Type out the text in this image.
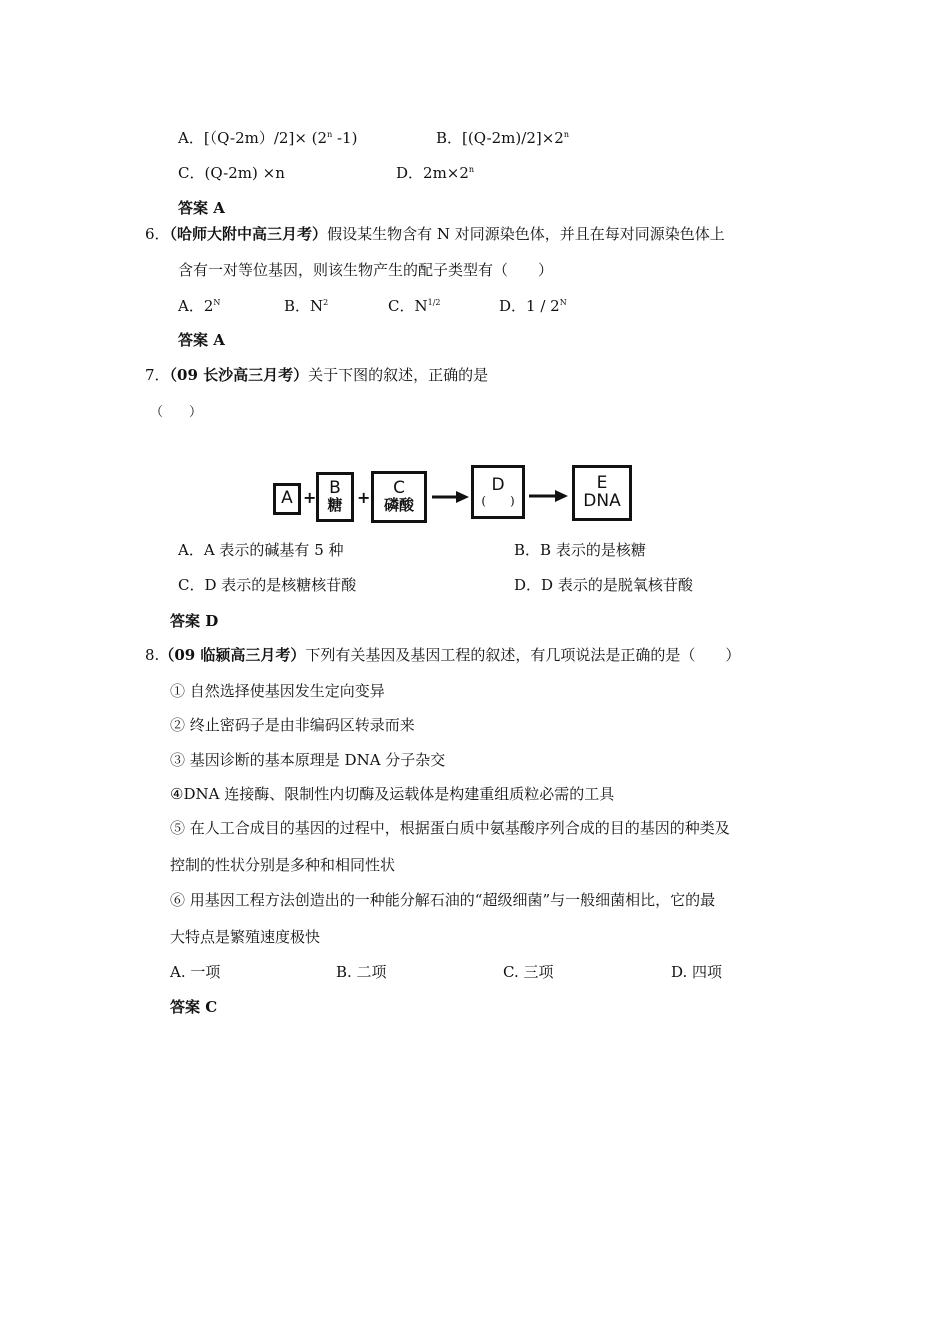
A．$[(Q-2m)/2]\times (2^n$ -1)	B．$[(Q-2m)/2]\times 2^n$
C．(Q-2m) ×n	D．$2m\times 2^n$
答案 A
6．（哈师大附中高三月考）假设某生物含有 N 对同源染色体，并且在每对同源染色体上
含有一对等位基因，则该生物产生的配子类型有（　　）
A．$2^N$	B．$N^2$	C．$N^{1/2}$	D．$1 / 2^N$
答案 A
7．（09 长沙高三月考）关于下图的叙述，正确的是
（　　）
A + B
糖 + C
磷酸
D
(　　)
E
DNA
A．A 表示的碱基有 5 种	B．B 表示的是核糖
C．D 表示的是核糖核苷酸	D．D 表示的是脱氧核苷酸
答案 D
8.（09 临颍高三月考）下列有关基因及基因工程的叙述，有几项说法是正确的是（　　）
① 自然选择使基因发生定向变异
② 终止密码子是由非编码区转录而来
③ 基因诊断的基本原理是 DNA 分子杂交
④DNA 连接酶、限制性内切酶及运载体是构建重组质粒必需的工具
⑤ 在人工合成目的基因的过程中，根据蛋白质中氨基酸序列合成的目的基因的种类及
控制的性状分别是多种和相同性状
⑥ 用基因工程方法创造出的一种能分解石油的“超级细菌”与一般细菌相比，它的最
大特点是繁殖速度极快
A. 一项	B. 二项	C. 三项	D. 四项
答案 C
